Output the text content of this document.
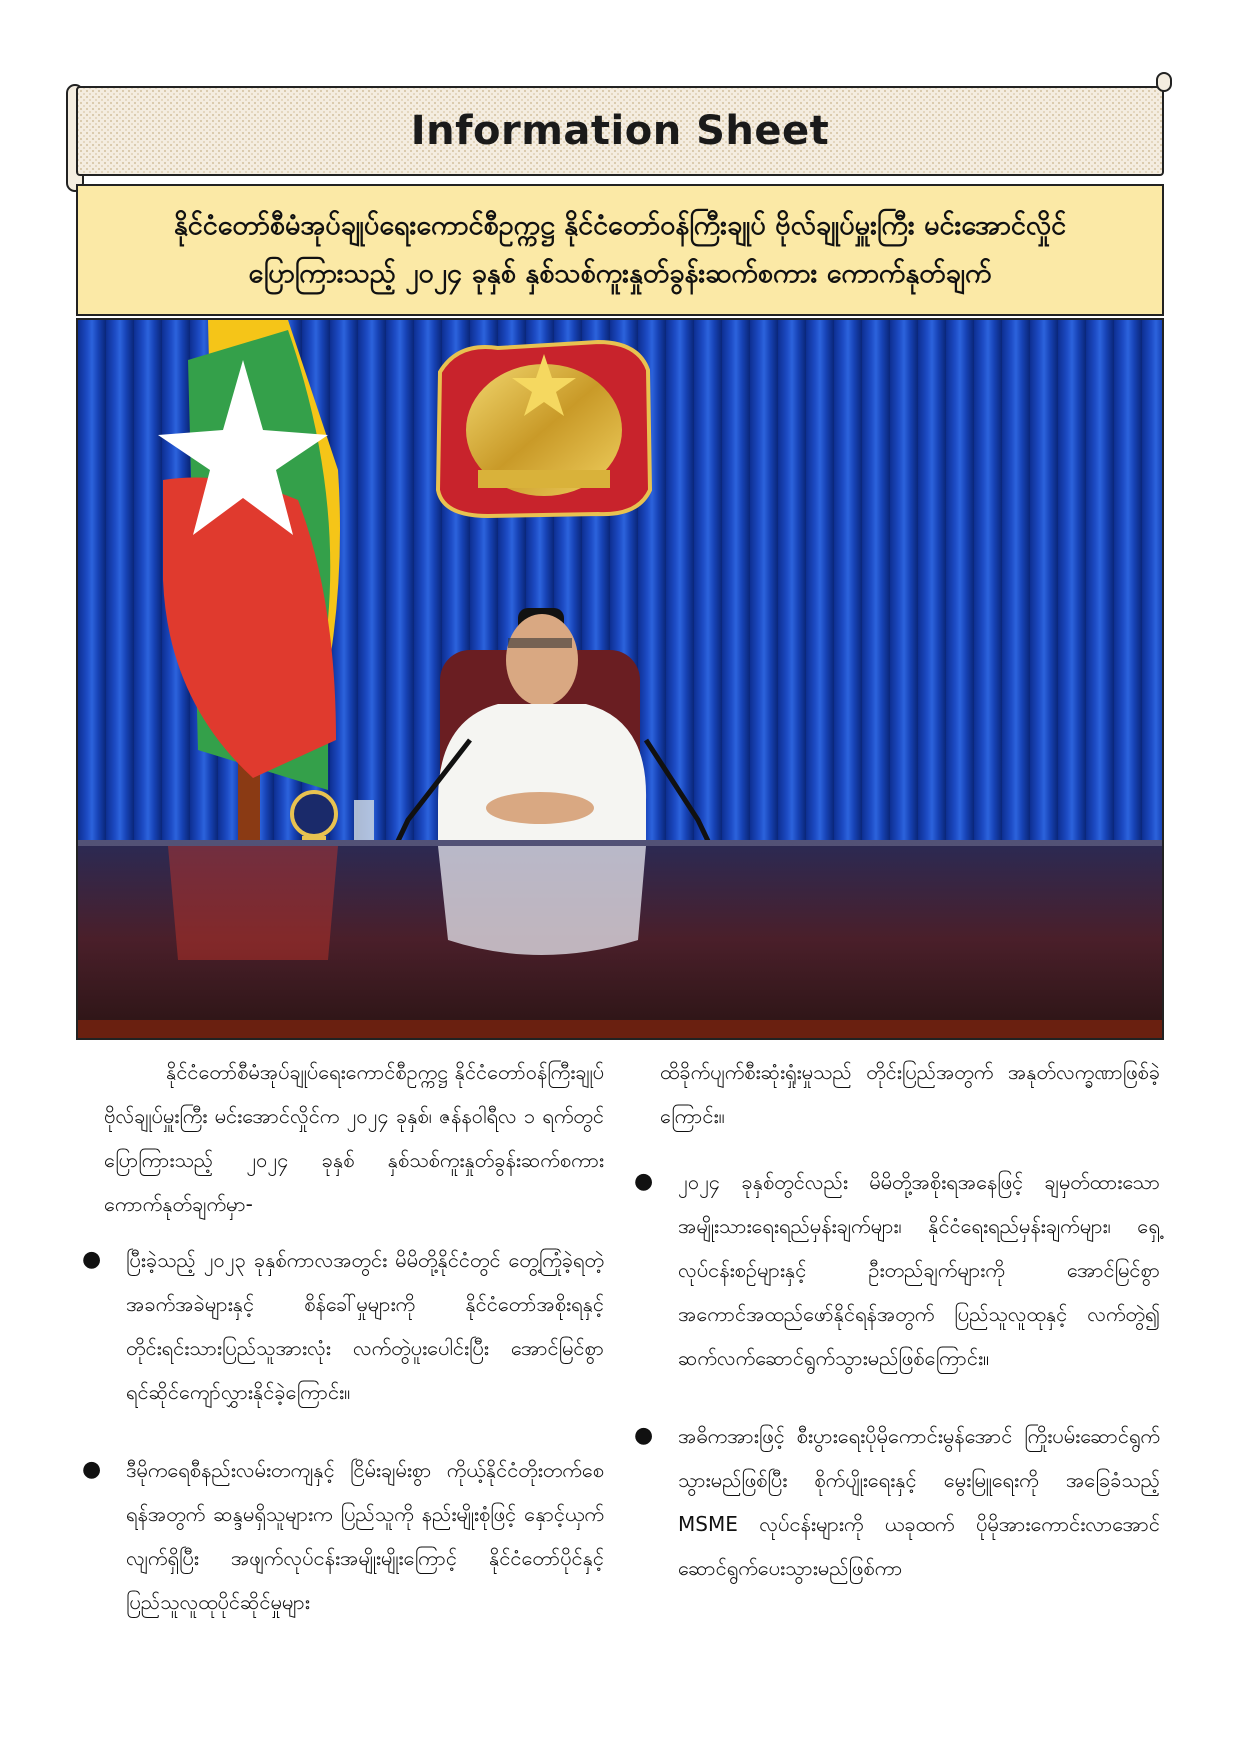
Information Sheet
နိုင်ငံတော်စီမံအုပ်ချုပ်ရေးကောင်စီဥက္ကဋ္ဌ နိုင်ငံတော်ဝန်ကြီးချုပ် ဗိုလ်ချုပ်မှူးကြီး မင်းအောင်လှိုင်
ပြောကြားသည့် ၂၀၂၄ ခုနှစ် နှစ်သစ်ကူးနှုတ်ခွန်းဆက်စကား ကောက်နုတ်ချက်

နိုင်ငံတော်စီမံအုပ်ချုပ်ရေးကောင်စီဥက္ကဋ္ဌ နိုင်ငံတော်ဝန်ကြီးချုပ် ဗိုလ်ချုပ်မှူးကြီး မင်းအောင်လှိုင်က ၂၀၂၄ ခုနှစ်၊ ဇန်နဝါရီလ ၁ ရက်တွင် ပြောကြားသည့် ၂၀၂၄ ခုနှစ် နှစ်သစ်ကူးနှုတ်ခွန်းဆက်စကား ကောက်နုတ်ချက်မှာ-

● ပြီးခဲ့သည့် ၂၀၂၃ ခုနှစ်ကာလအတွင်း မိမိတို့နိုင်ငံတွင် တွေ့ကြုံခဲ့ရတဲ့ အခက်အခဲများနှင့် စိန်ခေါ်မှုများကို နိုင်ငံတော်အစိုးရနှင့် တိုင်းရင်းသားပြည်သူအားလုံး လက်တွဲပူးပေါင်းပြီး အောင်မြင်စွာရင်ဆိုင်ကျော်လွှားနိုင်ခဲ့ကြောင်း။
● ဒီမိုကရေစီနည်းလမ်းတကျနှင့် ငြိမ်းချမ်းစွာ ကိုယ့်နိုင်ငံတိုးတက်စေရန်အတွက် ဆန္ဒမရှိသူများက ပြည်သူကို နည်းမျိုးစုံဖြင့် နှောင့်ယှက်လျက်ရှိပြီး အဖျက်လုပ်ငန်းအမျိုးမျိုးကြောင့် နိုင်ငံတော်ပိုင်နှင့် ပြည်သူလူထုပိုင်ဆိုင်မှုများ

ထိခိုက်ပျက်စီးဆုံးရှုံးမှုသည် တိုင်းပြည်အတွက် အနုတ်လက္ခဏာဖြစ်ခဲ့ကြောင်း။

● ၂၀၂၄ ခုနှစ်တွင်လည်း မိမိတို့အစိုးရအနေဖြင့် ချမှတ်ထားသော အမျိုးသားရေးရည်မှန်းချက်များ၊ နိုင်ငံရေးရည်မှန်းချက်များ၊ ရှေ့လုပ်ငန်းစဉ်များနှင့် ဦးတည်ချက်များကို အောင်မြင်စွာအကောင်အထည်ဖော်နိုင်ရန်အတွက် ပြည်သူလူထုနှင့် လက်တွဲ၍ ဆက်လက်ဆောင်ရွက်သွားမည်ဖြစ်ကြောင်း။
● အဓိကအားဖြင့် စီးပွားရေးပိုမိုကောင်းမွန်အောင် ကြိုးပမ်းဆောင်ရွက်သွားမည်ဖြစ်ပြီး စိုက်ပျိုးရေးနှင့် မွေးမြူရေးကို အခြေခံသည့် MSME လုပ်ငန်းများကို ယခုထက် ပိုမိုအားကောင်းလာအောင် ဆောင်ရွက်ပေးသွားမည်ဖြစ်ကာ
